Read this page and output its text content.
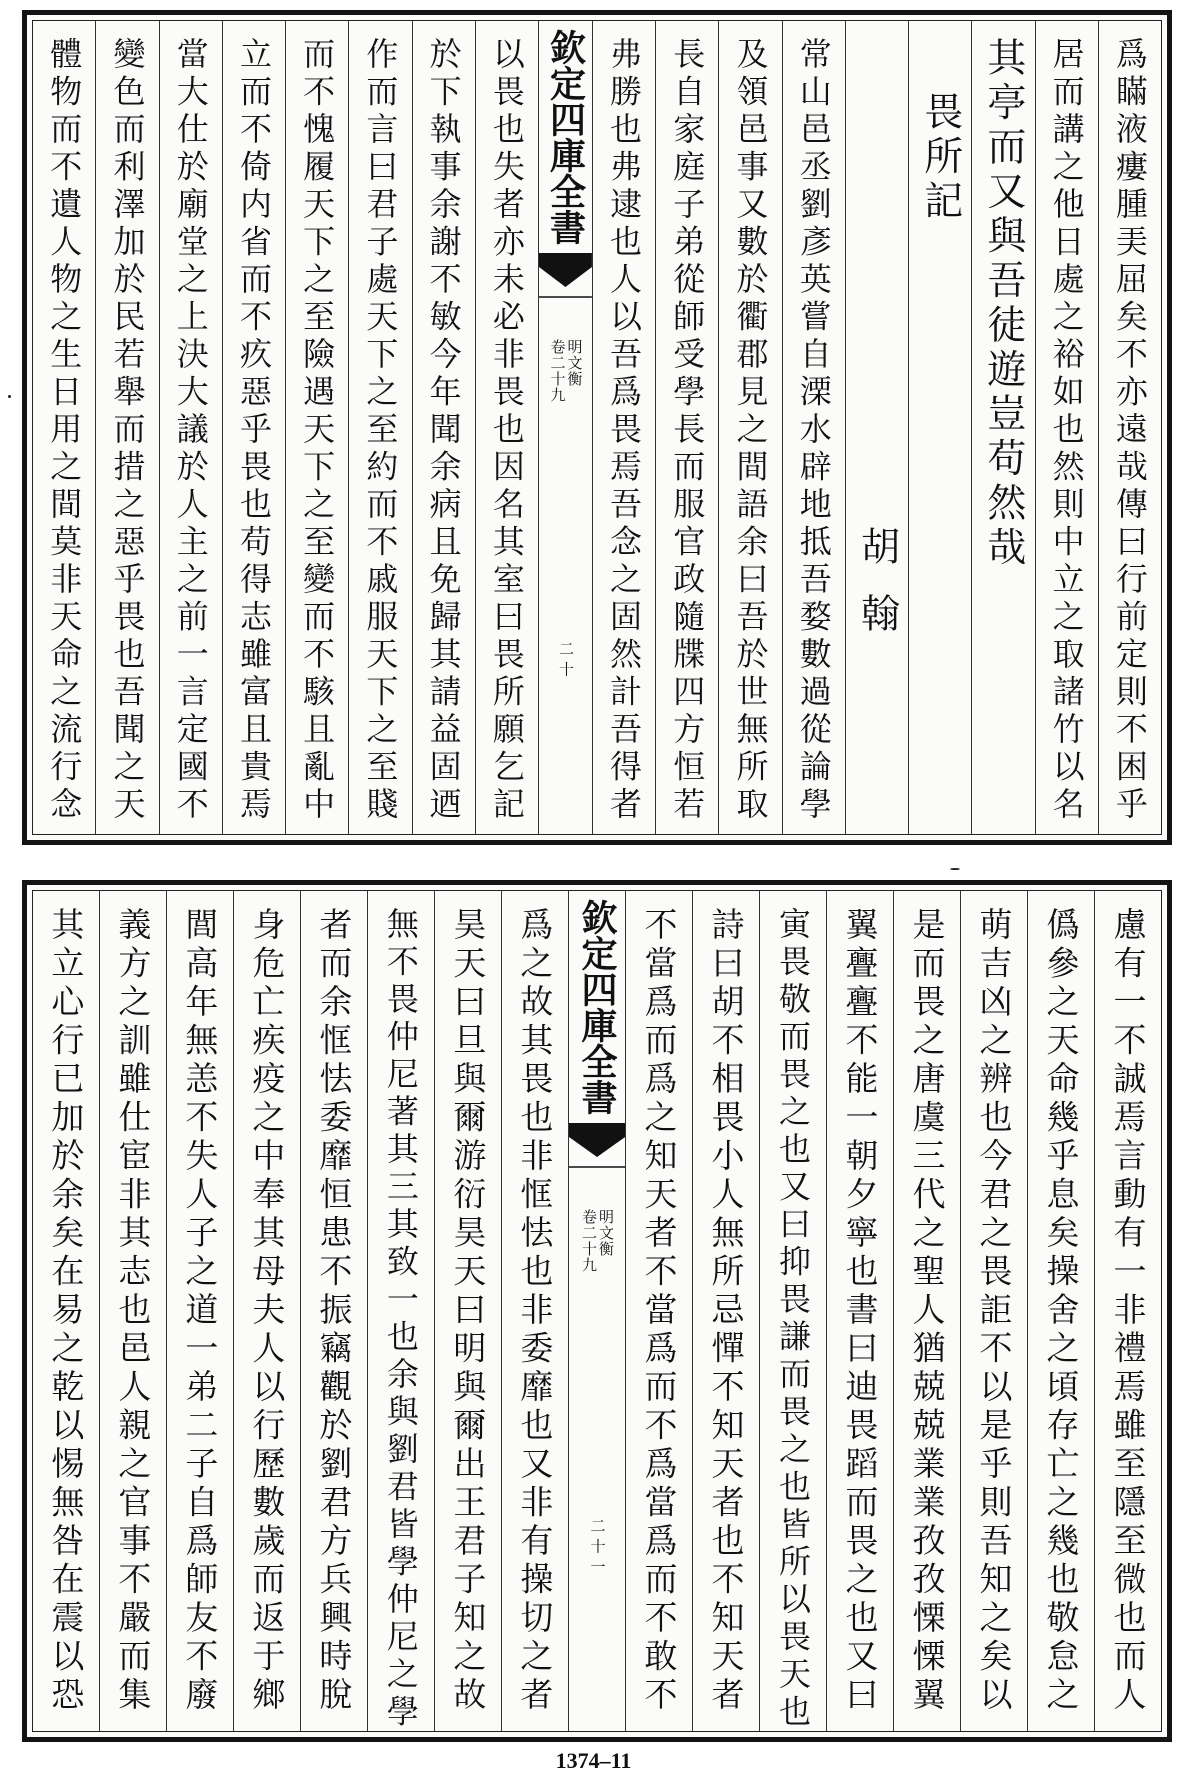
爲瞞液瘻腫㺯屈矣不亦遠哉傳曰行前定則不困乎
居而講之他日處之裕如也然則中立之取諸竹以名
其亭而又與吾徒遊豈苟然哉
畏所記
胡翰
常山邑丞劉彥英嘗自溧水辟地抵吾婺數過從論學
及領邑事又數於衢郡見之間語余曰吾於世無所取
長自家庭子弟從師受學長而服官政隨牒四方恒若
弗勝也弗逮也人以吾爲畏焉吾念之固然計吾得者
欽定四庫全書
明文衡
卷二十九
二十
以畏也失者亦未必非畏也因名其室曰畏所願乞記
於下執事余謝不敏今年聞余病且免歸其請益固迺
作而言曰君子處天下之至約而不戚服天下之至賤
而不愧履天下之至險遇天下之至變而不駭且亂中
立而不倚内省而不疚惡乎畏也苟得志雖富且貴焉
當大仕於廟堂之上決大議於人主之前一言定國不
變色而利澤加於民若舉而措之惡乎畏也吾聞之天
體物而不遺人物之生日用之間莫非天命之流行念
慮有一不誠焉言動有一非禮焉雖至隱至微也而人
僞參之天命幾乎息矣操舍之頃存亡之幾也敬怠之
萌吉凶之辨也今君之畏詎不以是乎則吾知之矣以
是而畏之唐虞三代之聖人猶兢兢業業孜孜慄慄翼
翼亹亹不能一朝夕寧也書曰迪畏蹈而畏之也又曰
寅畏敬而畏之也又曰抑畏謙而畏之也皆所以畏天也
詩曰胡不相畏小人無所忌憚不知天者也不知天者
不當爲而爲之知天者不當爲而不爲當爲而不敢不
欽定四庫全書
明文衡
卷二十九
二十一
爲之故其畏也非恇怯也非委靡也又非有操切之者
昊天曰旦與爾游衍昊天曰明與爾出王君子知之故
無不畏仲尼著其三其致一也余與劉君皆學仲尼之學
者而余恇怯委靡恒患不振竊觀於劉君方兵興時脫
身危亡疾疫之中奉其母夫人以行歷數歲而返于鄉
閭高年無恙不失人子之道一弟二子自爲師友不廢
義方之訓雖仕宦非其志也邑人親之官事不嚴而集
其立心行已加於余矣在易之乾以惕無咎在震以恐
1374–11
